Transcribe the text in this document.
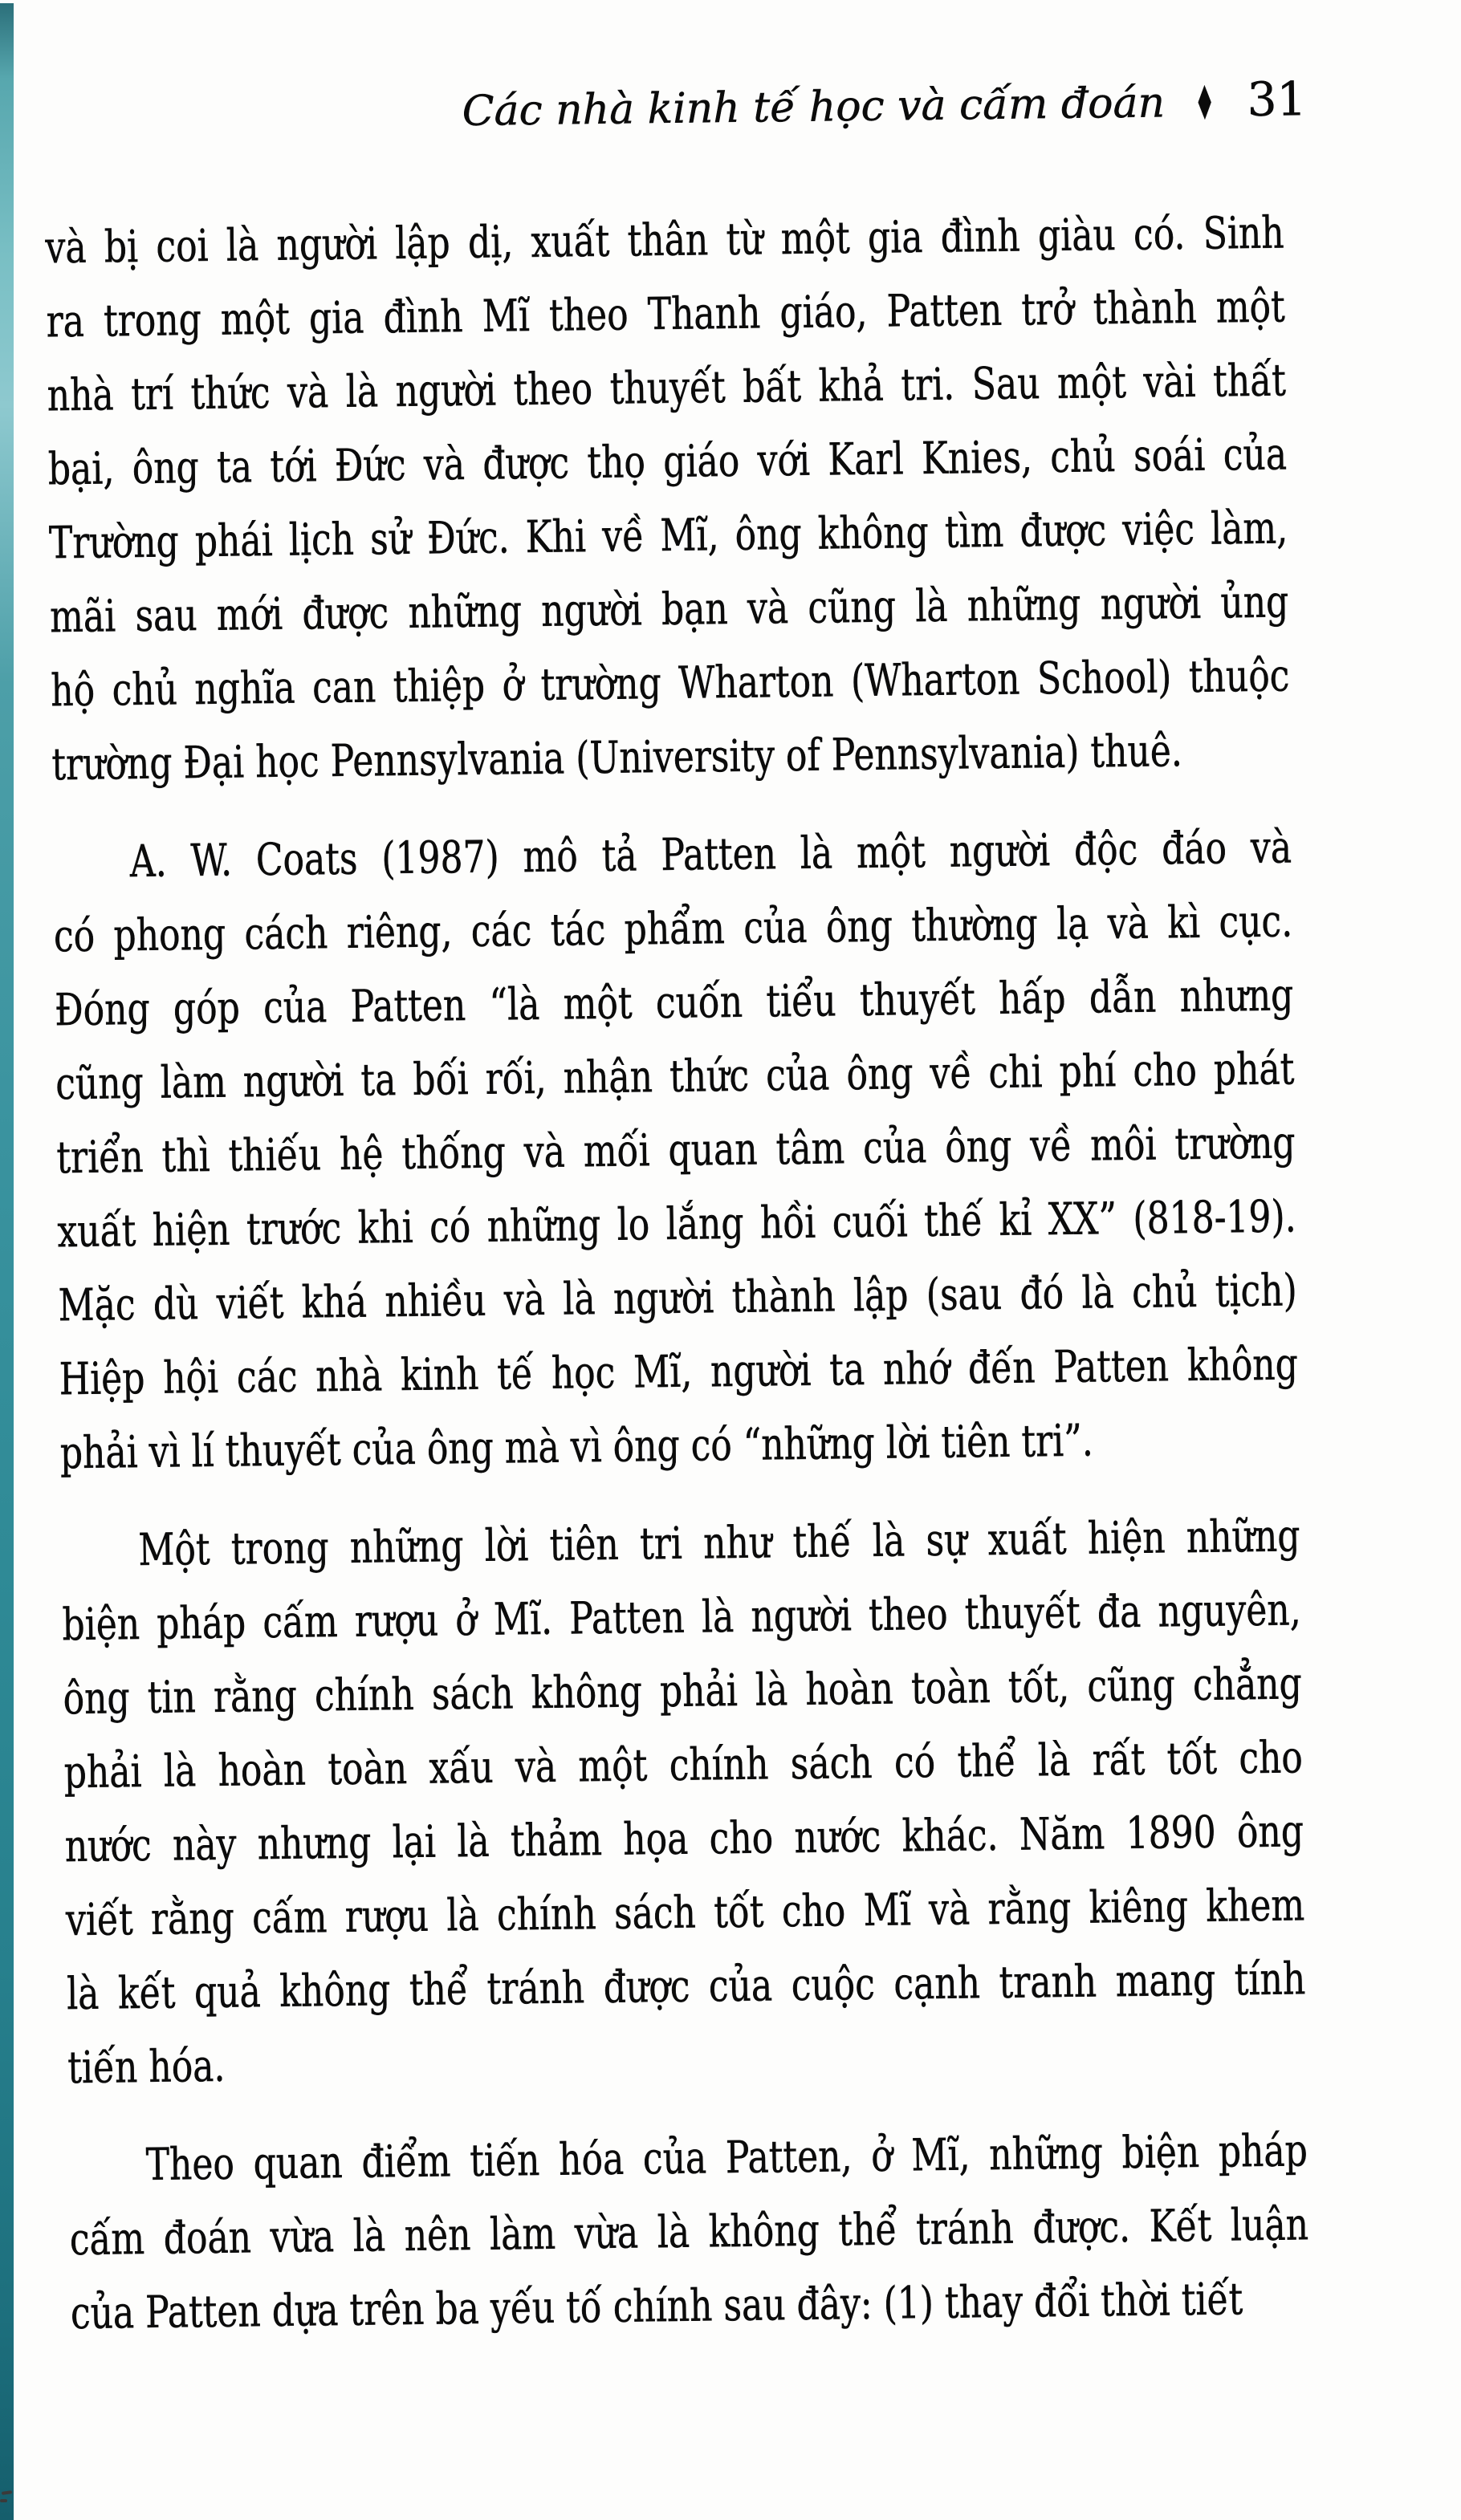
Các nhà kinh tế học và cấm đoán ♦ 31
và bị coi là người lập dị, xuất thân từ một gia đình giàu có. Sinh
ra trong một gia đình Mĩ theo Thanh giáo, Patten trở thành một
nhà trí thức và là người theo thuyết bất khả tri. Sau một vài thất
bại, ông ta tới Đức và được thọ giáo với Karl Knies, chủ soái của
Trường phái lịch sử Đức. Khi về Mĩ, ông không tìm được việc làm,
mãi sau mới được những người bạn và cũng là những người ủng
hộ chủ nghĩa can thiệp ở trường Wharton (Wharton School) thuộc
trường Đại học Pennsylvania (University of Pennsylvania) thuê.
A. W. Coats (1987) mô tả Patten là một người độc đáo và
có phong cách riêng, các tác phẩm của ông thường lạ và kì cục.
Đóng góp của Patten “là một cuốn tiểu thuyết hấp dẫn nhưng
cũng làm người ta bối rối, nhận thức của ông về chi phí cho phát
triển thì thiếu hệ thống và mối quan tâm của ông về môi trường
xuất hiện trước khi có những lo lắng hồi cuối thế kỉ XX” (818-19).
Mặc dù viết khá nhiều và là người thành lập (sau đó là chủ tịch)
Hiệp hội các nhà kinh tế học Mĩ, người ta nhớ đến Patten không
phải vì lí thuyết của ông mà vì ông có “những lời tiên tri”.
Một trong những lời tiên tri như thế là sự xuất hiện những
biện pháp cấm rượu ở Mĩ. Patten là người theo thuyết đa nguyên,
ông tin rằng chính sách không phải là hoàn toàn tốt, cũng chẳng
phải là hoàn toàn xấu và một chính sách có thể là rất tốt cho
nước này nhưng lại là thảm họa cho nước khác. Năm 1890 ông
viết rằng cấm rượu là chính sách tốt cho Mĩ và rằng kiêng khem
là kết quả không thể tránh được của cuộc cạnh tranh mang tính
tiến hóa.
Theo quan điểm tiến hóa của Patten, ở Mĩ, những biện pháp
cấm đoán vừa là nên làm vừa là không thể tránh được. Kết luận
của Patten dựa trên ba yếu tố chính sau đây: (1) thay đổi thời tiết
